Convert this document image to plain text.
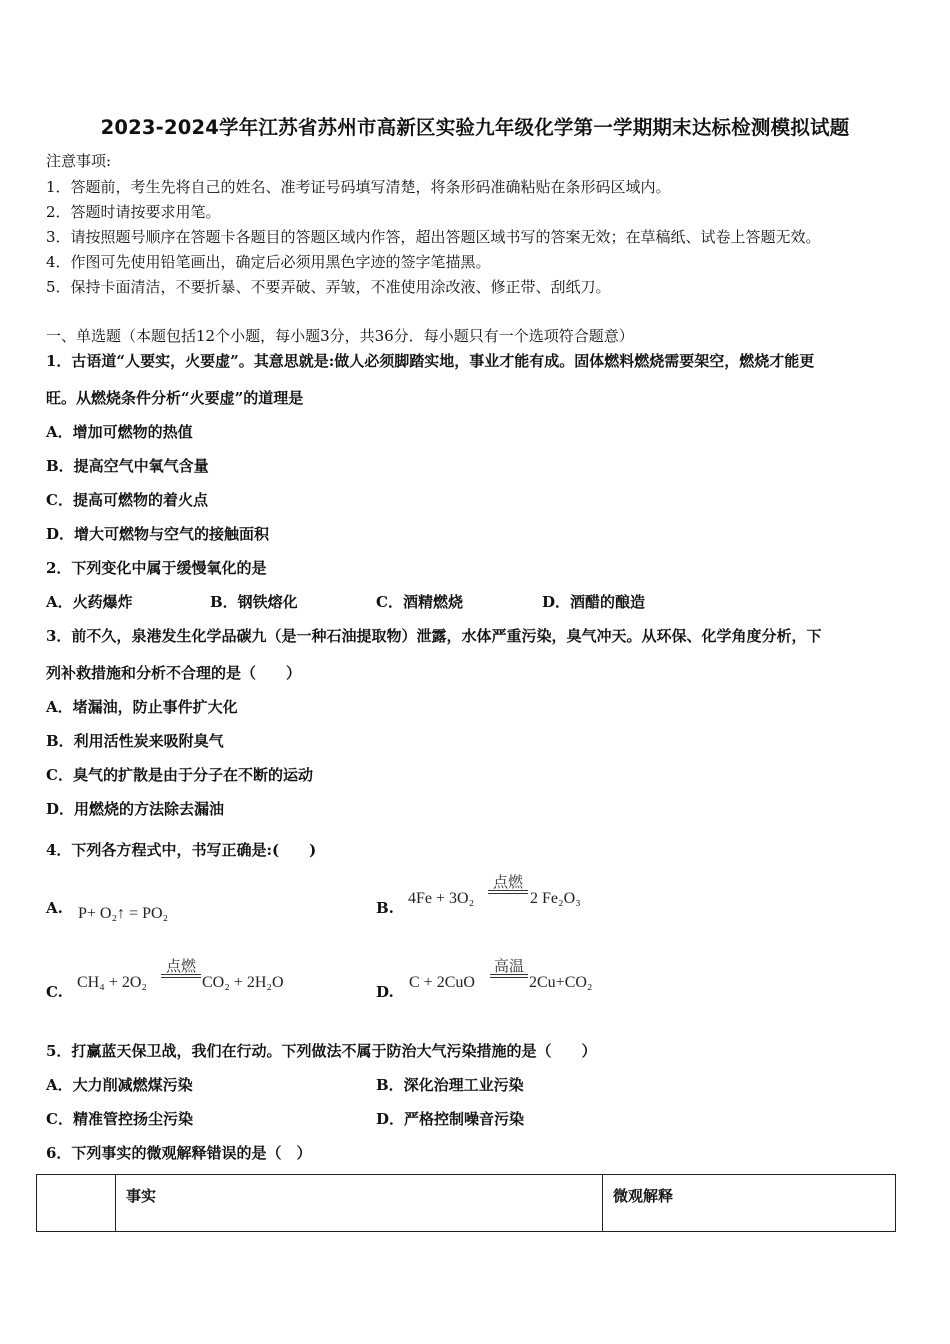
2023-2024学年江苏省苏州市高新区实验九年级化学第一学期期末达标检测模拟试题
注意事项:
1．答题前，考生先将自己的姓名、准考证号码填写清楚，将条形码准确粘贴在条形码区域内。
2．答题时请按要求用笔。
3．请按照题号顺序在答题卡各题目的答题区域内作答，超出答题区域书写的答案无效；在草稿纸、试卷上答题无效。
4．作图可先使用铅笔画出，确定后必须用黑色字迹的签字笔描黑。
5．保持卡面清洁，不要折暴、不要弄破、弄皱，不准使用涂改液、修正带、刮纸刀。
一、单选题（本题包括12个小题，每小题3分，共36分．每小题只有一个选项符合题意）
1．古语道“人要实，火要虚”。其意思就是:做人必须脚踏实地，事业才能有成。固体燃料燃烧需要架空，燃烧才能更
旺。从燃烧条件分析“火要虚”的道理是
A．增加可燃物的热值
B．提高空气中氧气含量
C．提高可燃物的着火点
D．增大可燃物与空气的接触面积
2．下列变化中属于缓慢氧化的是
A．火药爆炸	B．钢铁熔化	C．酒精燃烧	D．酒醋的酿造
3．前不久，泉港发生化学品碳九（是一种石油提取物）泄露，水体严重污染，臭气冲天。从环保、化学角度分析，下
列补救措施和分析不合理的是（　　）
A．堵漏油，防止事件扩大化
B．利用活性炭来吸附臭气
C．臭气的扩散是由于分子在不断的运动
D．用燃烧的方法除去漏油
4．下列各方程式中，书写正确是:(　　)
A. P+ O₂↑ = PO₂	B.
4Fe + 3O₂
点燃
2 Fe₂O₃
C.
CH₄ + 2O₂
点燃
CO₂ + 2H₂O
D.
C + 2CuO
高温
2Cu+CO₂
5．打赢蓝天保卫战，我们在行动。下列做法不属于防治大气污染措施的是（　　）
A．大力削减燃煤污染	B．深化治理工业污染
C．精准管控扬尘污染	D．严格控制噪音污染
6．下列事实的微观解释错误的是（　）
	事实	微观解释
